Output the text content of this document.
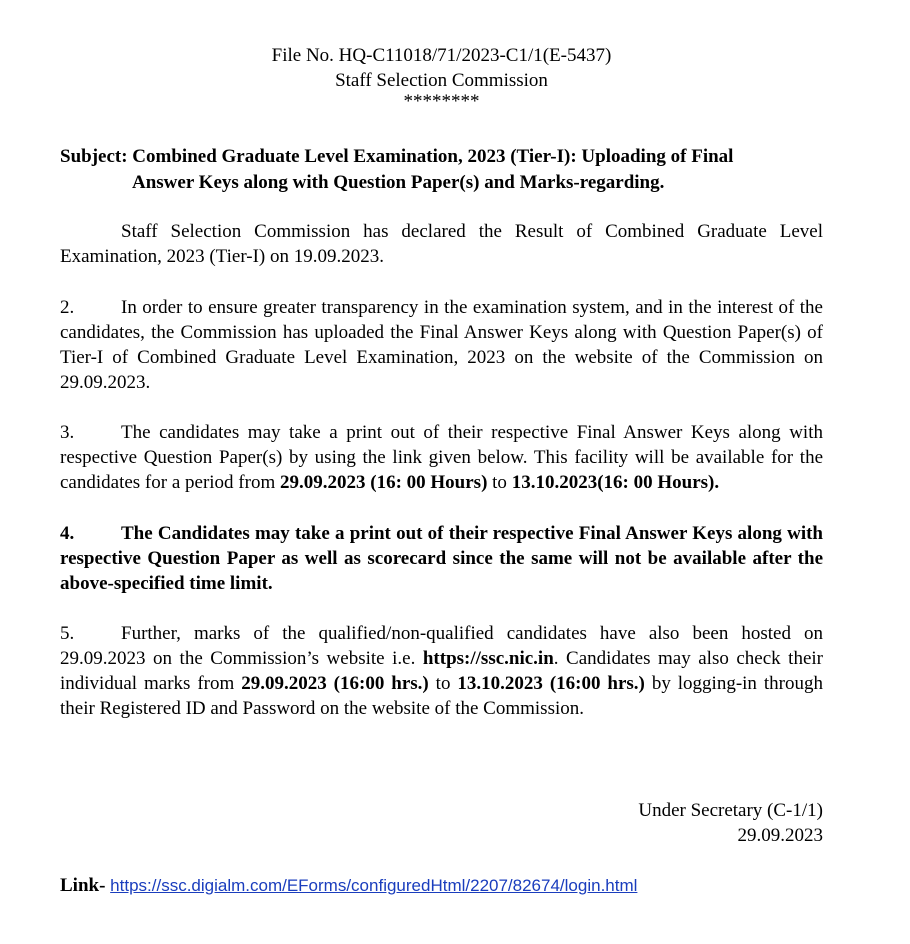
File No. HQ-C11018/71/2023-C1/1(E-5437)
Staff Selection Commission
********
Subject: Combined Graduate Level Examination, 2023 (Tier-I): Uploading of Final
Answer Keys along with Question Paper(s) and Marks-regarding.
Staff Selection Commission has declared the Result of Combined Graduate Level Examination, 2023 (Tier-I) on 19.09.2023.
2. In order to ensure greater transparency in the examination system, and in the interest of the candidates, the Commission has uploaded the Final Answer Keys along with Question Paper(s) of Tier-I of Combined Graduate Level Examination, 2023 on the website of the Commission on 29.09.2023.
3. The candidates may take a print out of their respective Final Answer Keys along with respective Question Paper(s) by using the link given below. This facility will be available for the candidates for a period from 29.09.2023 (16: 00 Hours) to 13.10.2023(16: 00 Hours).
4. The Candidates may take a print out of their respective Final Answer Keys along with respective Question Paper as well as scorecard since the same will not be available after the above-specified time limit.
5. Further, marks of the qualified/non-qualified candidates have also been hosted on 29.09.2023 on the Commission’s website i.e. https://ssc.nic.in. Candidates may also check their individual marks from 29.09.2023 (16:00 hrs.) to 13.10.2023 (16:00 hrs.) by logging-in through their Registered ID and Password on the website of the Commission.
Under Secretary (C-1/1)
29.09.2023
Link- https://ssc.digialm.com/EForms/configuredHtml/2207/82674/login.html
